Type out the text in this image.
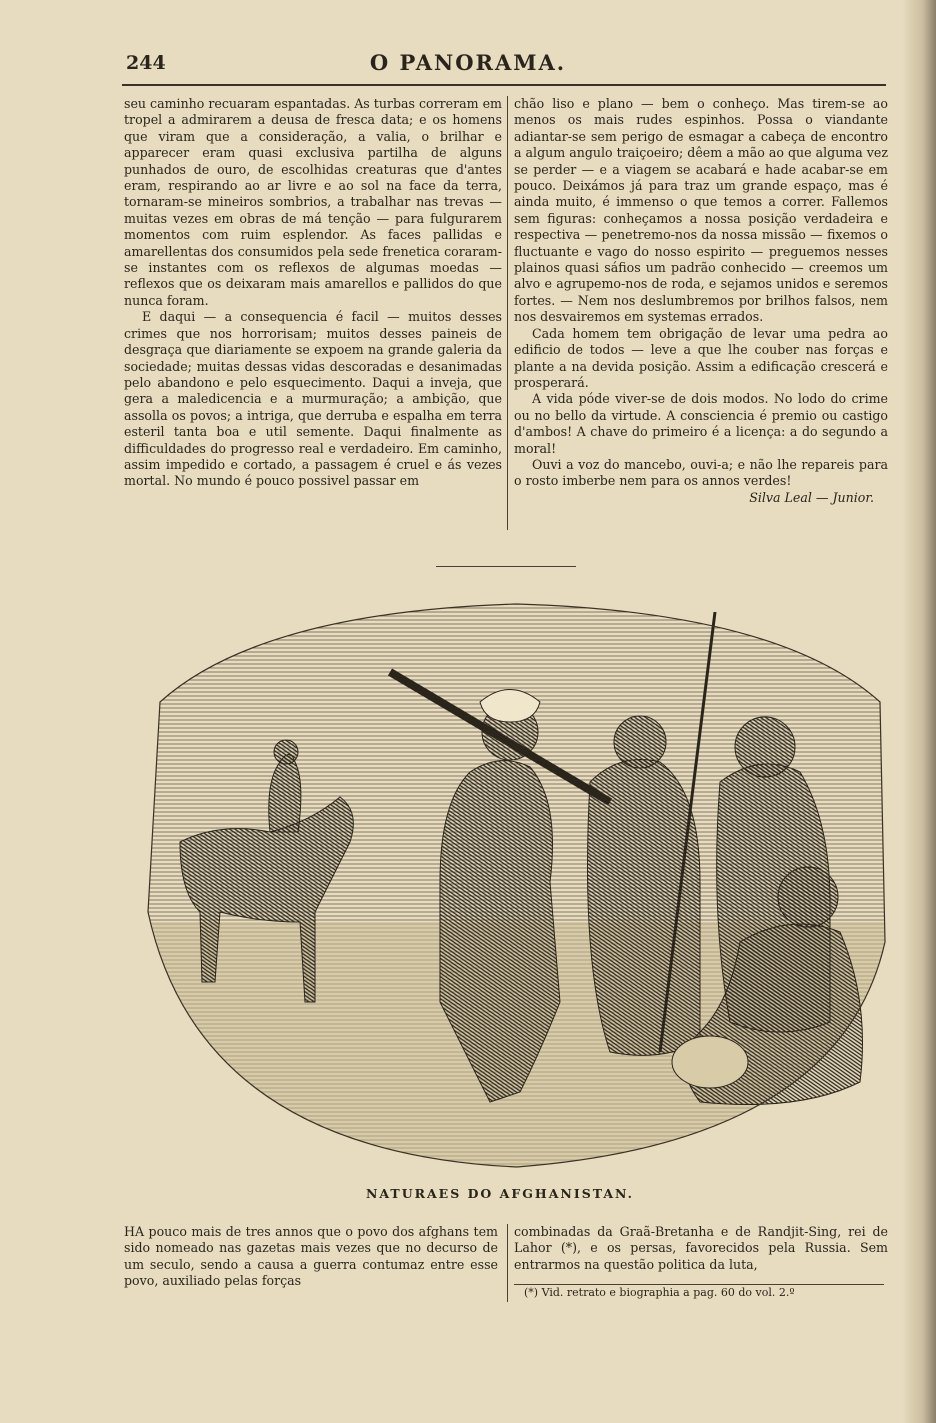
244	O PANORAMA.

seu caminho recuaram espantadas. As turbas correram em tropel a admirarem a deusa de fresca data; e os homens que viram que a consideração, a valia, o brilhar e apparecer eram quasi exclusiva partilha de alguns punhados de ouro, de escolhidas creaturas que d'antes eram, respirando ao ar livre e ao sol na face da terra, tornaram-se mineiros sombrios, a trabalhar nas trevas — muitas vezes em obras de má tenção — para fulgurarem momentos com ruim esplendor. As faces pallidas e amarellentas dos consumidos pela sede frenetica coraram-se instantes com os reflexos de algumas moedas — reflexos que os deixaram mais amarellos e pallidos do que nunca foram.

E daqui — a consequencia é facil — muitos desses crimes que nos horrorisam; muitos desses paineis de desgraça que diariamente se expoem na grande galeria da sociedade; muitas dessas vidas descoradas e desanimadas pelo abandono e pelo esquecimento. Daqui a inveja, que gera a maledicencia e a murmuração; a ambição, que assolla os povos; a intriga, que derruba e espalha em terra esteril tanta boa e util semente. Daqui finalmente as difficuldades do progresso real e verdadeiro. Em caminho, assim impedido e cortado, a passagem é cruel e ás vezes mortal. No mundo é pouco possivel passar em

chão liso e plano — bem o conheço. Mas tirem-se ao menos os mais rudes espinhos. Possa o viandante adiantar-se sem perigo de esmagar a cabeça de encontro a algum angulo traiçoeiro; dêem a mão ao que alguma vez se perder — e a viagem se acabará e hade acabar-se em pouco. Deixámos já para traz um grande espaço, mas é ainda muito, é immenso o que temos a correr. Fallemos sem figuras: conheçamos a nossa posição verdadeira e respectiva — penetremo-nos da nossa missão — fixemos o fluctuante e vago do nosso espirito — preguemos nesses plainos quasi sáfios um padrão conhecido — creemos um alvo e agrupemo-nos de roda, e sejamos unidos e seremos fortes. — Nem nos deslumbremos por brilhos falsos, nem nos desvairemos em systemas errados.

Cada homem tem obrigação de levar uma pedra ao edificio de todos — leve a que lhe couber nas forças e plante a na devida posição. Assim a edificação crescerá e prosperará.

A vida póde viver-se de dois modos. No lodo do crime ou no bello da virtude. A consciencia é premio ou castigo d'ambos! A chave do primeiro é a licença: a do segundo a moral!

Ouvi a voz do mancebo, ouvi-a; e não lhe repareis para o rosto imberbe nem para os annos verdes!

Silva Leal — Junior.

NATURAES DO AFGHANISTAN.
HA pouco mais de tres annos que o povo dos afghans tem sido nomeado nas gazetas mais vezes que no decurso de um seculo, sendo a causa a guerra contumaz entre esse povo, auxiliado pelas forças
combinadas da Graã-Bretanha e de Randjit-Sing, rei de Lahor (*), e os persas, favorecidos pela Russia. Sem entrarmos na questão politica da luta,
(*) Vid. retrato e biographia a pag. 60 do vol. 2.º
